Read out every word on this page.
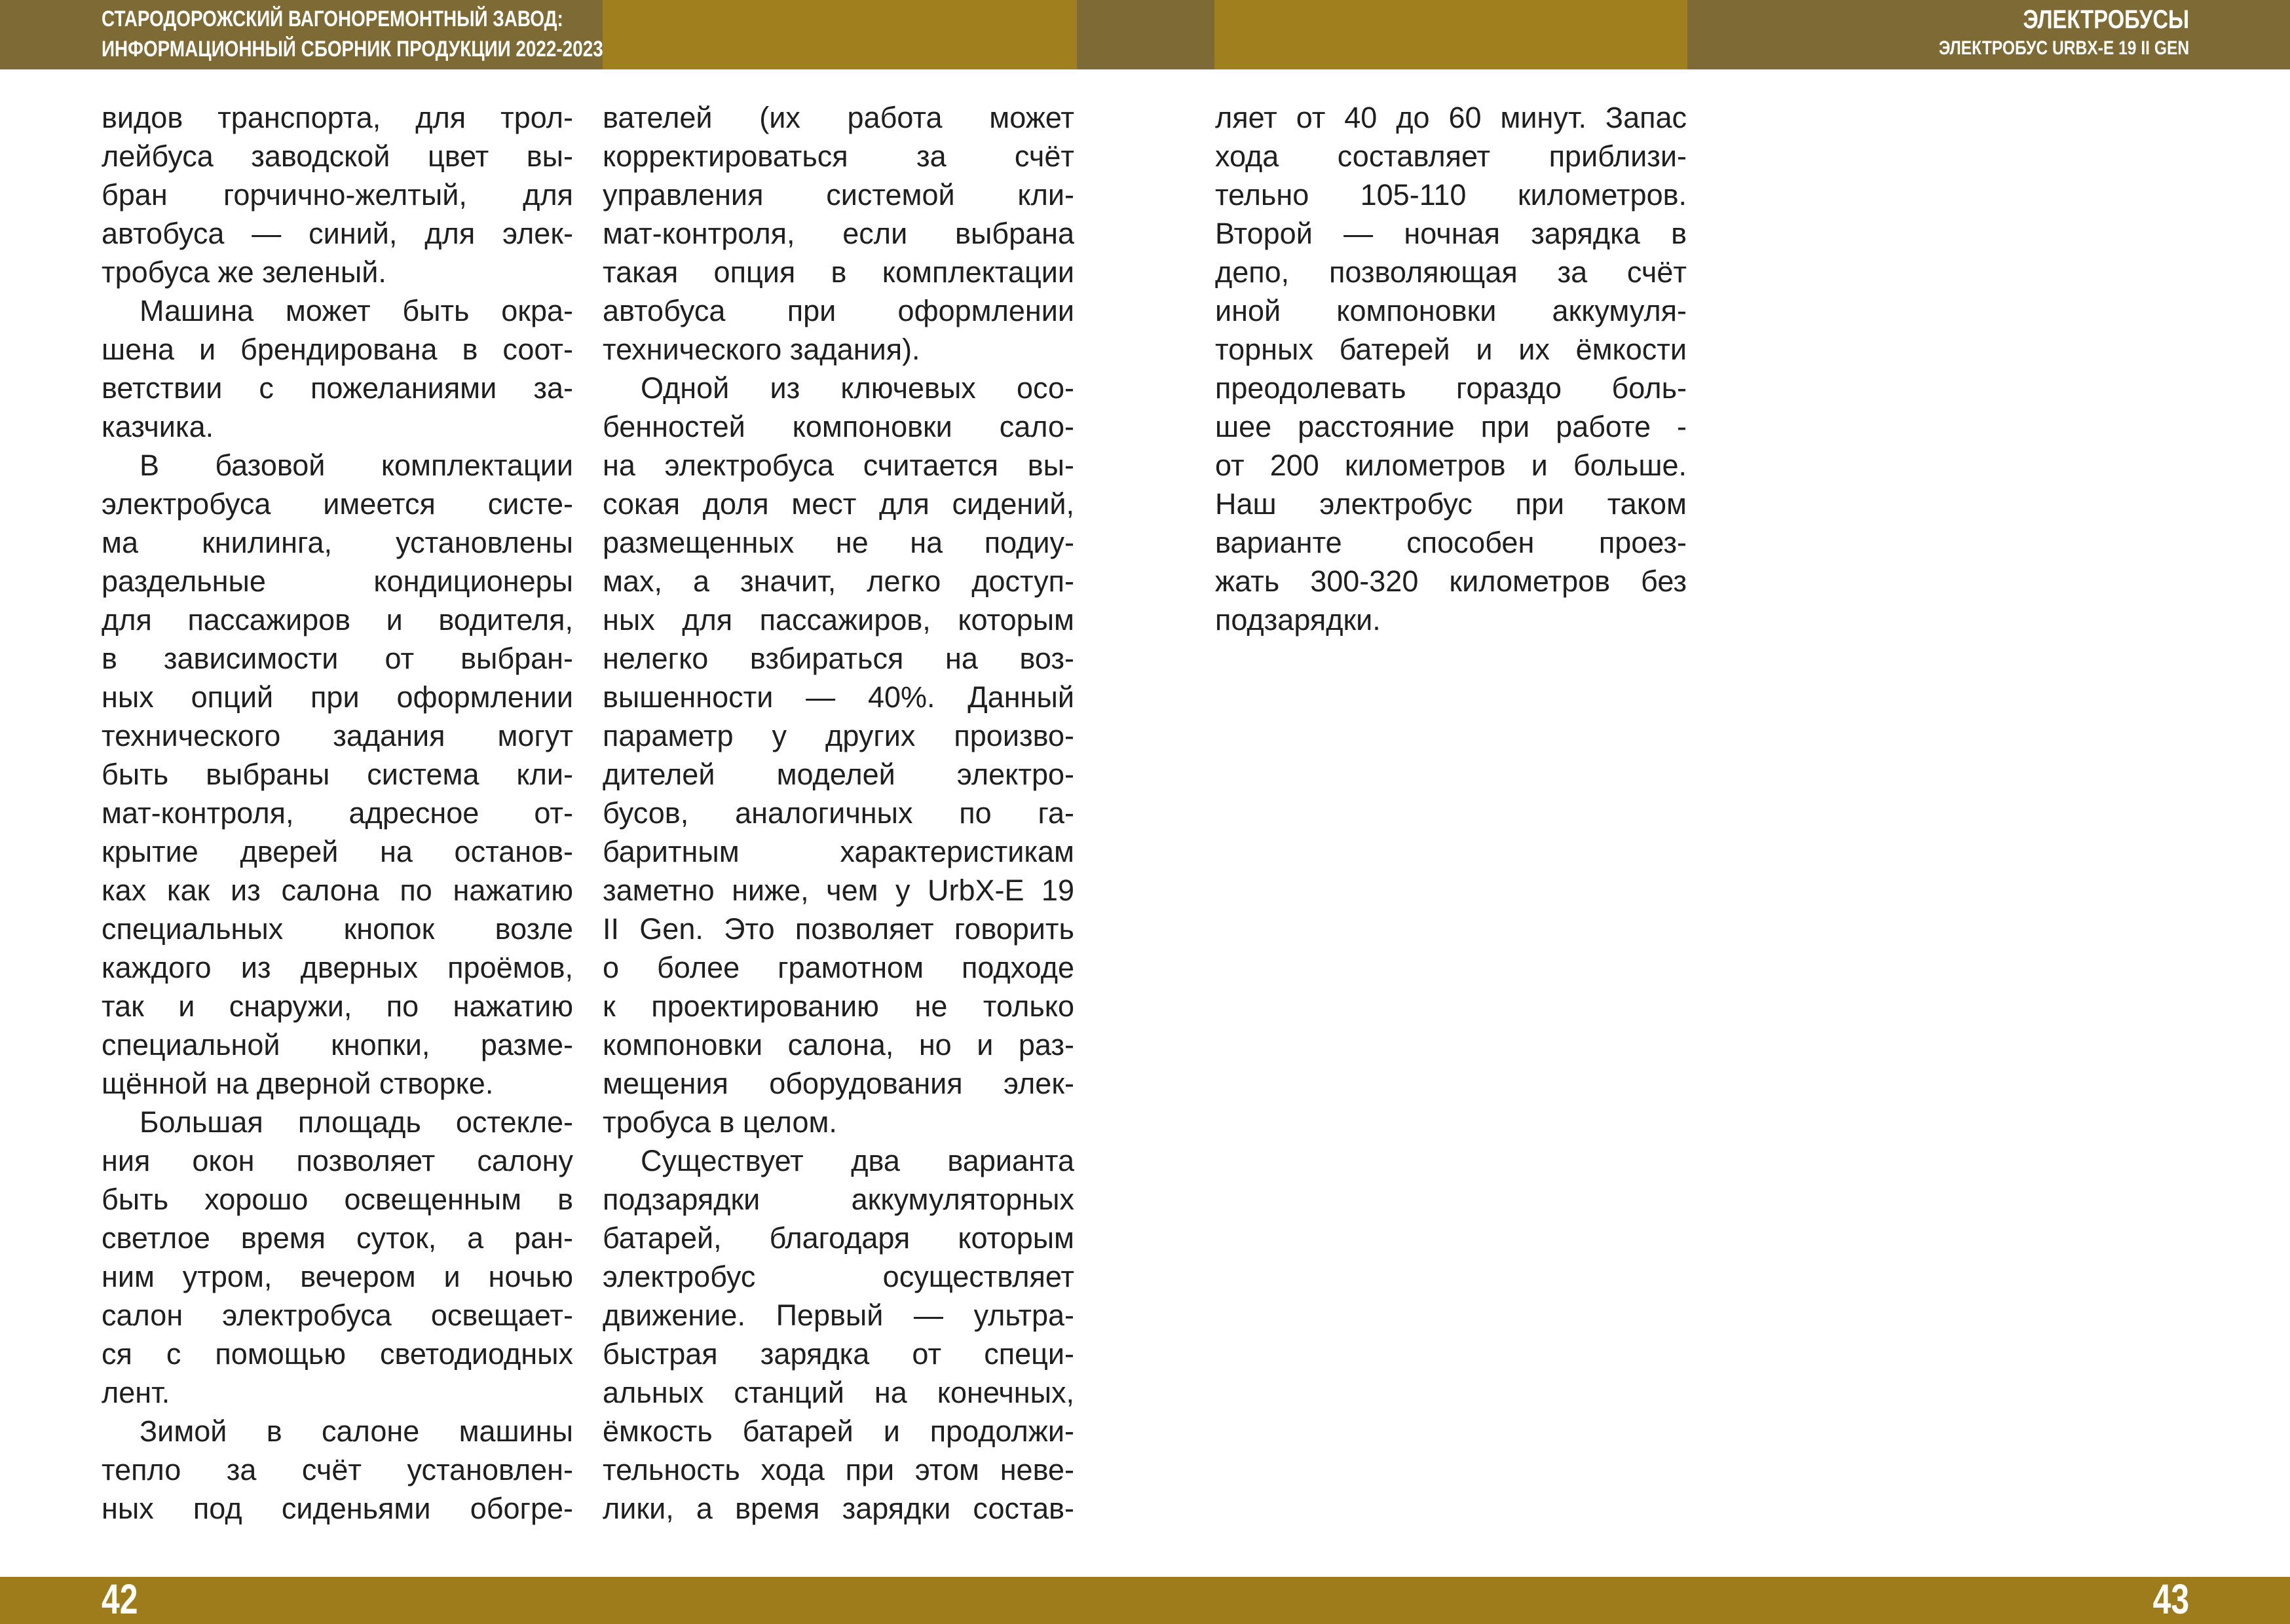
СТАРОДОРОЖСКИЙ ВАГОНОРЕМОНТНЫЙ ЗАВОД:
ИНФОРМАЦИОННЫЙ СБОРНИК ПРОДУКЦИИ 2022-2023
ЭЛЕКТРОБУСЫ
ЭЛЕКТРОБУС URBX-E 19 II GEN
видов транспорта, для трол-
лейбуса заводской цвет вы-
бран горчично-желтый, для
автобуса — синий, для элек-
тробуса же зеленый.
Машина может быть окра-
шена и брендирована в соот-
ветствии с пожеланиями за-
казчика.
В базовой комплектации
электробуса имеется систе-
ма книлинга, установлены
раздельные кондиционеры
для пассажиров и водителя,
в зависимости от выбран-
ных опций при оформлении
технического задания могут
быть выбраны система кли-
мат-контроля, адресное от-
крытие дверей на останов-
ках как из салона по нажатию
специальных кнопок возле
каждого из дверных проёмов,
так и снаружи, по нажатию
специальной кнопки, разме-
щённой на дверной створке.
Большая площадь остекле-
ния окон позволяет салону
быть хорошо освещенным в
светлое время суток, а ран-
ним утром, вечером и ночью
салон электробуса освещает-
ся с помощью светодиодных
лент.
Зимой в салоне машины
тепло за счёт установлен-
ных под сиденьями обогре-
вателей (их работа может
корректироваться за счёт
управления системой кли-
мат-контроля, если выбрана
такая опция в комплектации
автобуса при оформлении
технического задания).
Одной из ключевых осо-
бенностей компоновки сало-
на электробуса считается вы-
сокая доля мест для сидений,
размещенных не на подиу-
мах, а значит, легко доступ-
ных для пассажиров, которым
нелегко взбираться на воз-
вышенности — 40%. Данный
параметр у других произво-
дителей моделей электро-
бусов, аналогичных по га-
баритным характеристикам
заметно ниже, чем у UrbX-E 19
II Gen. Это позволяет говорить
о более грамотном подходе
к проектированию не только
компоновки салона, но и раз-
мещения оборудования элек-
тробуса в целом.
Существует два варианта
подзарядки аккумуляторных
батарей, благодаря которым
электробус осуществляет
движение. Первый — ультра-
быстрая зарядка от специ-
альных станций на конечных,
ёмкость батарей и продолжи-
тельность хода при этом неве-
лики, а время зарядки состав-
ляет от 40 до 60 минут. Запас
хода составляет приблизи-
тельно 105-110 километров.
Второй — ночная зарядка в
депо, позволяющая за счёт
иной компоновки аккумуля-
торных батерей и их ёмкости
преодолевать гораздо боль-
шее расстояние при работе -
от 200 километров и больше.
Наш электробус при таком
варианте способен проез-
жать 300-320 километров без
подзарядки.
42	43
